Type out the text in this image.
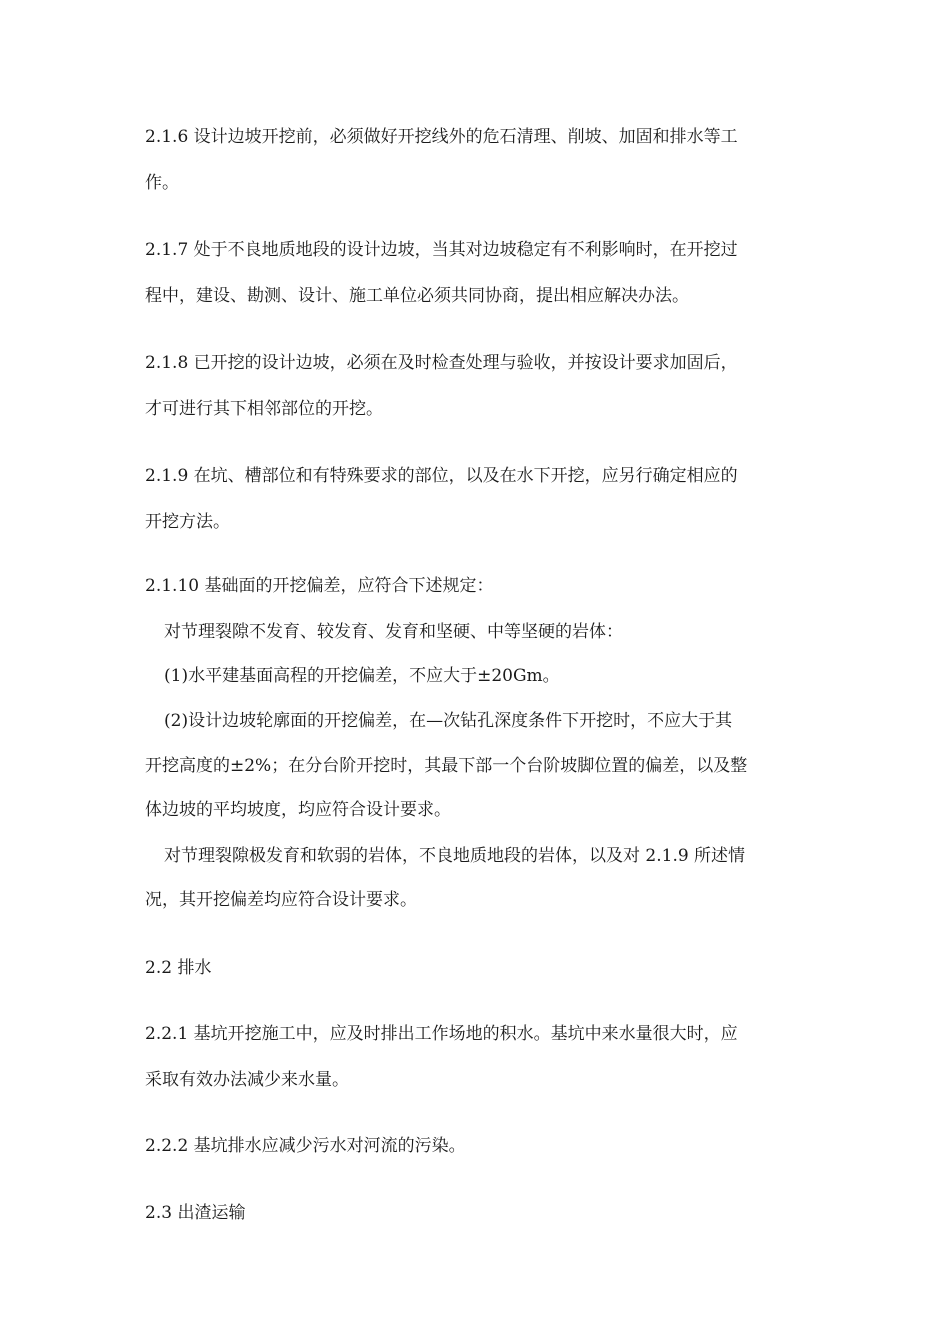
2.1.6 设计边坡开挖前，必须做好开挖线外的危石清理、削坡、加固和排水等工
作。
2.1.7 处于不良地质地段的设计边坡，当其对边坡稳定有不利影响时，在开挖过
程中，建设、勘测、设计、施工单位必须共同协商，提出相应解决办法。
2.1.8 已开挖的设计边坡，必须在及时检查处理与验收，并按设计要求加固后，
才可进行其下相邻部位的开挖。
2.1.9 在坑、槽部位和有特殊要求的部位，以及在水下开挖，应另行确定相应的
开挖方法。
2.1.10 基础面的开挖偏差，应符合下述规定：
对节理裂隙不发育、较发育、发育和坚硬、中等坚硬的岩体：
(1)水平建基面高程的开挖偏差，不应大于±20Gm。
(2)设计边坡轮廓面的开挖偏差，在—次钻孔深度条件下开挖时，不应大于其
开挖高度的±2%；在分台阶开挖时，其最下部一个台阶坡脚位置的偏差，以及整
体边坡的平均坡度，均应符合设计要求。
对节理裂隙极发育和软弱的岩体，不良地质地段的岩体，以及对 2.1.9 所述情
况，其开挖偏差均应符合设计要求。
2.2 排水
2.2.1 基坑开挖施工中，应及时排出工作场地的积水。基坑中来水量很大时，应
采取有效办法减少来水量。
2.2.2 基坑排水应减少污水对河流的污染。
2.3 出渣运输
